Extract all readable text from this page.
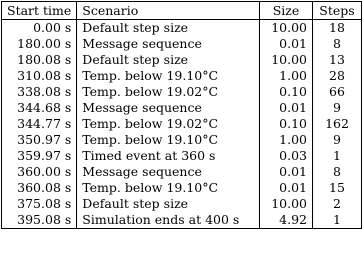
Start time	Scenario	Size	Steps
0.00 s	Default step size	10.00	18
180.00 s	Message sequence	0.01	8
180.08 s	Default step size	10.00	13
310.08 s	Temp. below 19.10°C	1.00	28
338.08 s	Temp. below 19.02°C	0.10	66
344.68 s	Message sequence	0.01	9
344.77 s	Temp. below 19.02°C	0.10	162
350.97 s	Temp. below 19.10°C	1.00	9
359.97 s	Timed event at 360 s	0.03	1
360.00 s	Message sequence	0.01	8
360.08 s	Temp. below 19.10°C	0.01	15
375.08 s	Default step size	10.00	2
395.08 s	Simulation ends at 400 s	4.92	1
